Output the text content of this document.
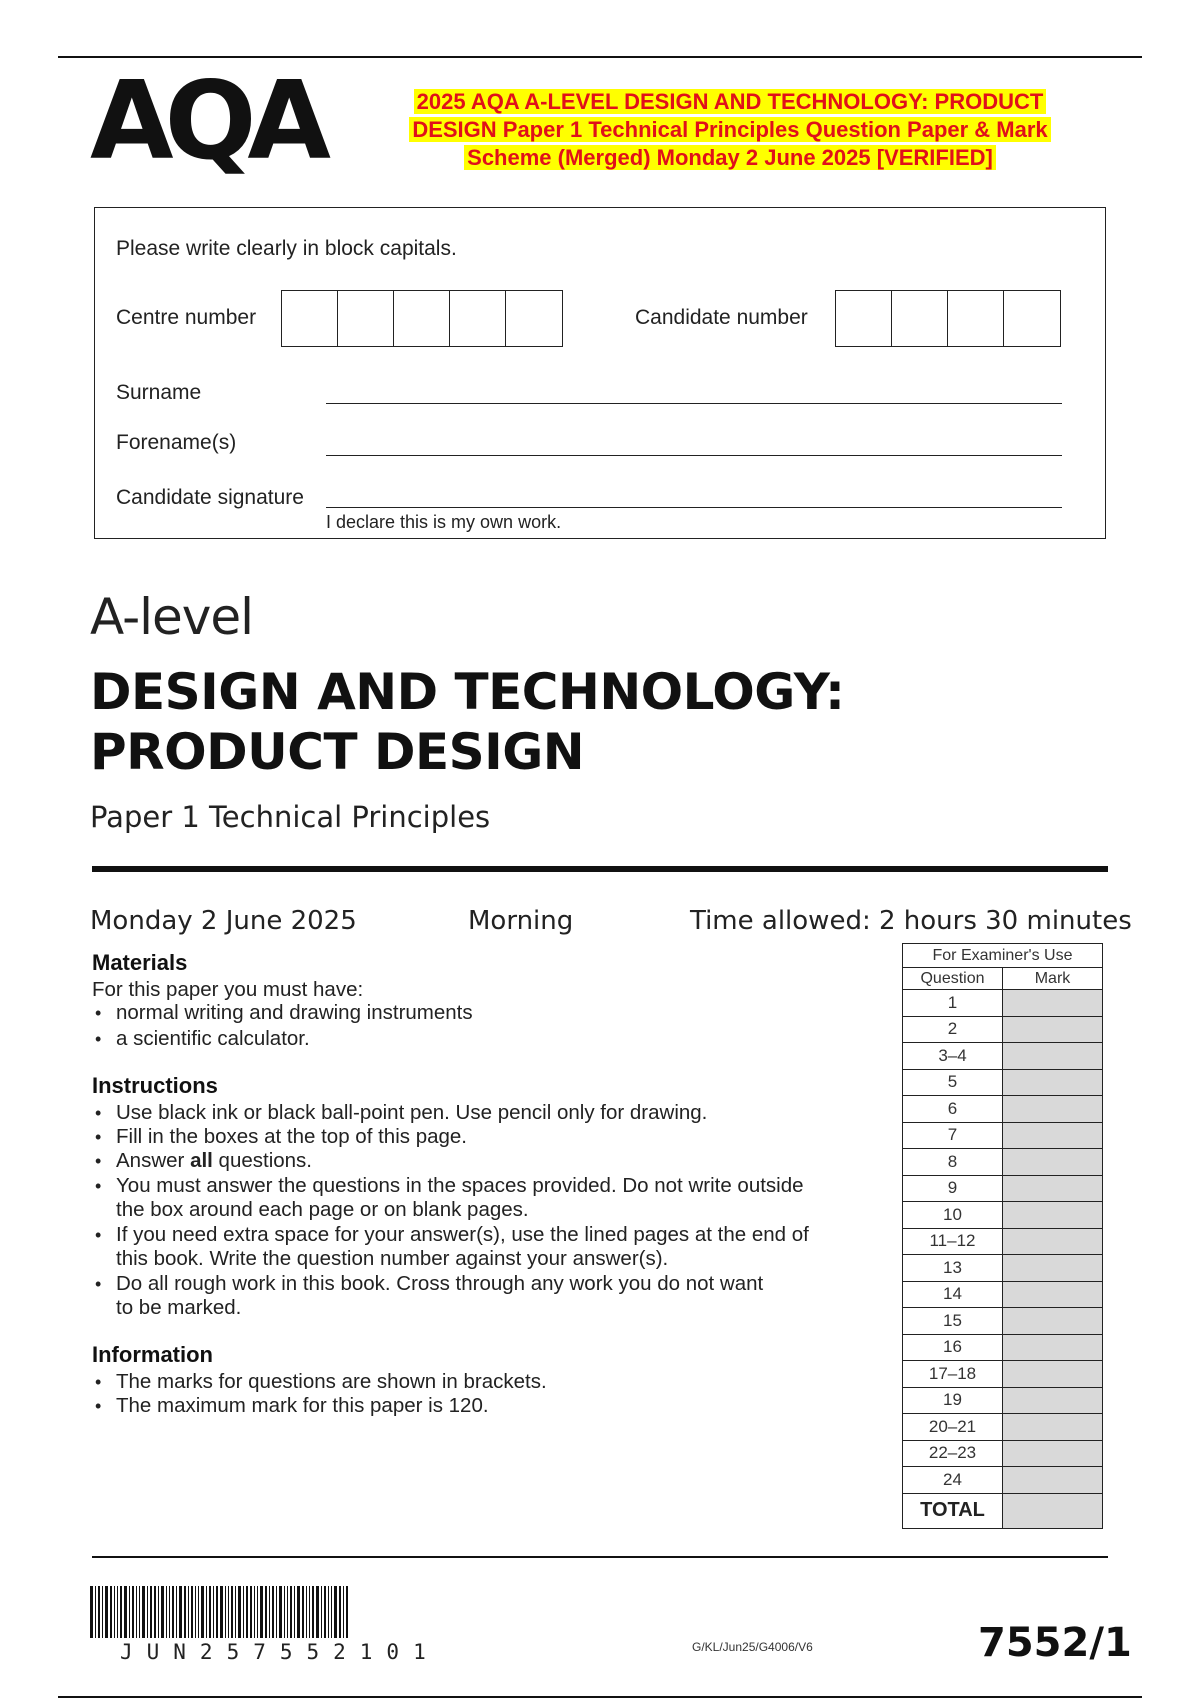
AQA	2025 AQA A-LEVEL DESIGN AND TECHNOLOGY: PRODUCT
DESIGN Paper 1 Technical Principles Question Paper & Mark
Scheme (Merged) Monday 2 June 2025 [VERIFIED]
Please write clearly in block capitals.
Centre number	Candidate number
Surname
Forename(s)
Candidate signature
I declare this is my own work.
A-level
DESIGN AND TECHNOLOGY:
PRODUCT DESIGN
Paper 1 Technical Principles
Monday 2 June 2025	Morning	Time allowed: 2 hours 30 minutes
Materials
For this paper you must have:
• normal writing and drawing instruments
• a scientific calculator.
Instructions
• Use black ink or black ball-point pen. Use pencil only for drawing.
• Fill in the boxes at the top of this page.
• Answer all questions.
• You must answer the questions in the spaces provided. Do not write outside
the box around each page or on blank pages.
• If you need extra space for your answer(s), use the lined pages at the end of
this book. Write the question number against your answer(s).
• Do all rough work in this book. Cross through any work you do not want
to be marked.
Information
• The marks for questions are shown in brackets.
• The maximum mark for this paper is 120.
For Examiner's Use	
Question	Mark
1	
2	
3–4	
5	
6	
7	
8	
9	
10	
11–12	
13	
14	
15	
16	
17–18	
19	
20–21	
22–23	
24	
TOTAL	
JUN257552101	G/KL/Jun25/G4006/V6	7552/1
